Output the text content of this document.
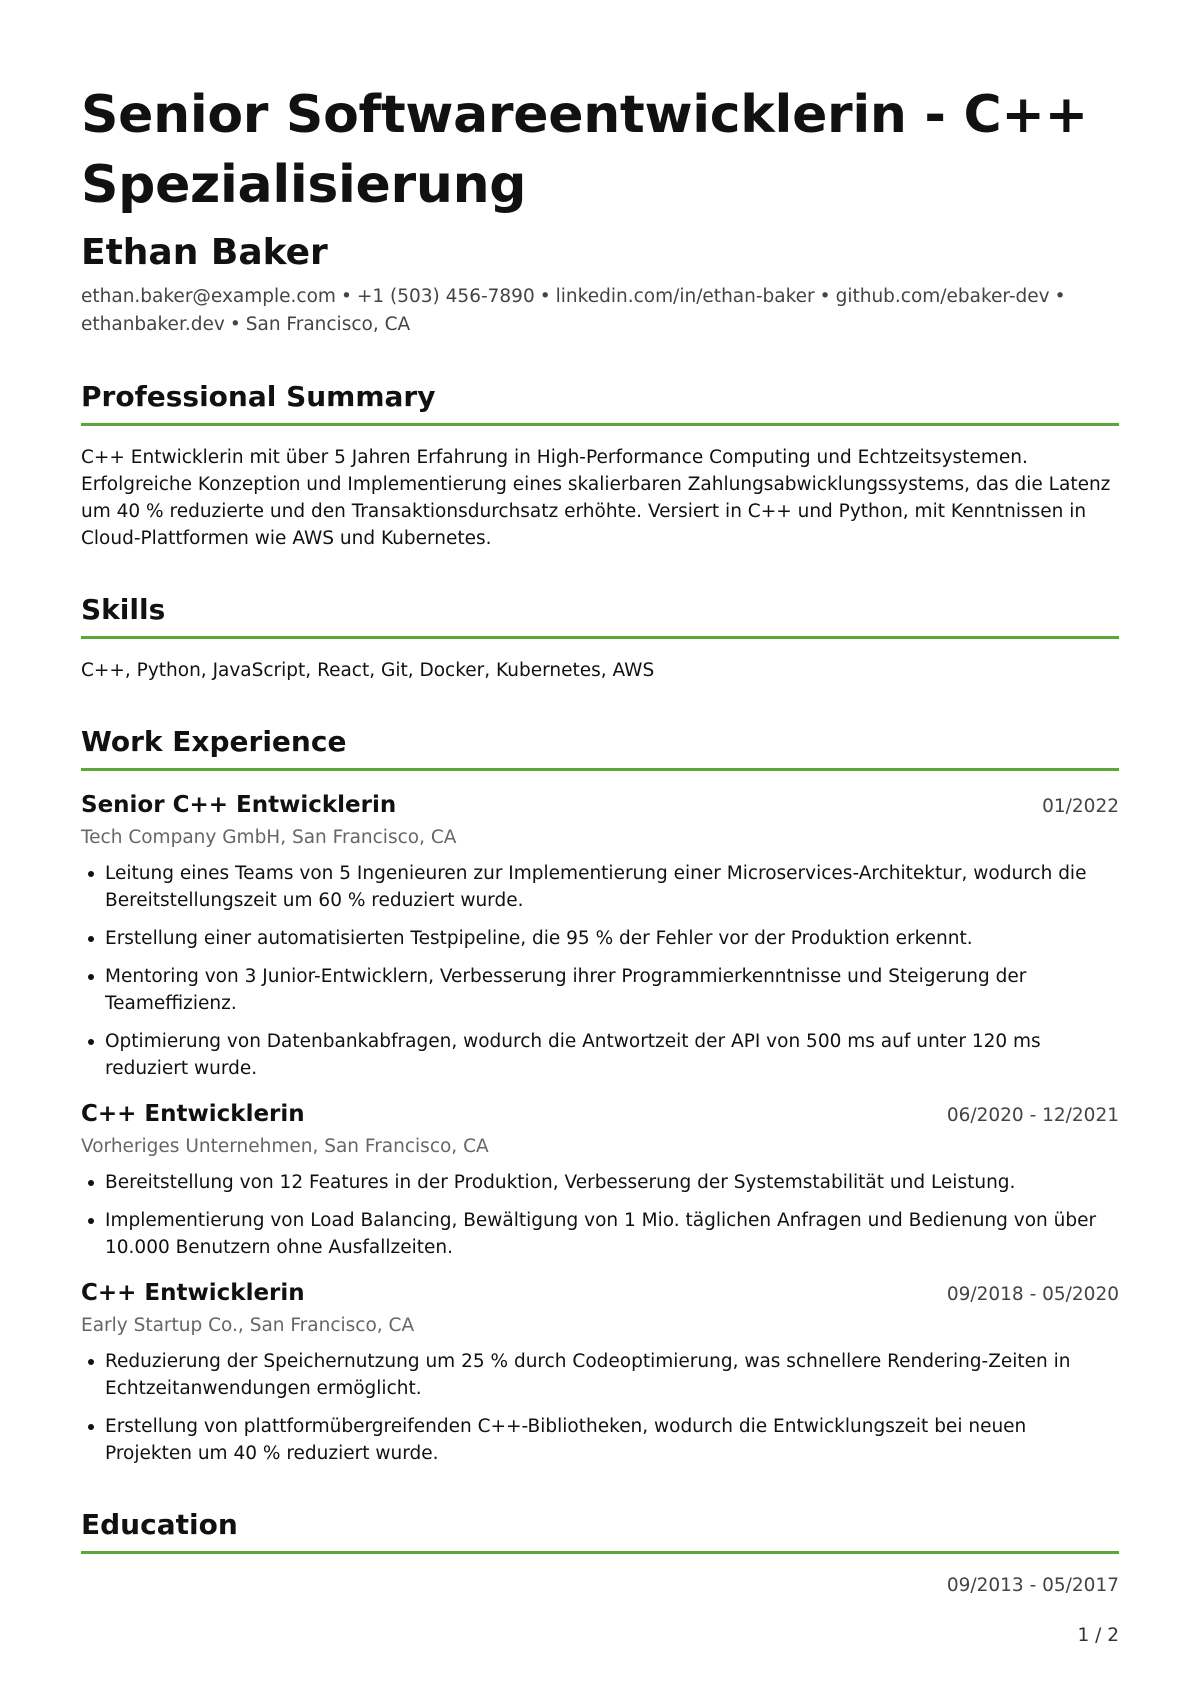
Senior Softwareentwicklerin - C++ Spezialisierung
Ethan Baker
ethan.baker@example.com • +1 (503) 456-7890 • linkedin.com/in/ethan-baker • github.com/ebaker-dev •
ethanbaker.dev • San Francisco, CA
Professional Summary

C++ Entwicklerin mit über 5 Jahren Erfahrung in High-Performance Computing und Echtzeitsystemen. Erfolgreiche Konzeption und Implementierung eines skalierbaren Zahlungsabwicklungssystems, das die Latenz um 40 % reduzierte und den Transaktionsdurchsatz erhöhte. Versiert in C++ und Python, mit Kenntnissen in Cloud-Plattformen wie AWS und Kubernetes.

Skills

C++, Python, JavaScript, React, Git, Docker, Kubernetes, AWS

Work Experience
Senior C++ Entwicklerin	01/2022
Tech Company GmbH, San Francisco, CA
Leitung eines Teams von 5 Ingenieuren zur Implementierung einer Microservices-Architektur, wodurch die Bereitstellungszeit um 60 % reduziert wurde.
Erstellung einer automatisierten Testpipeline, die 95 % der Fehler vor der Produktion erkennt.
Mentoring von 3 Junior-Entwicklern, Verbesserung ihrer Programmierkenntnisse und Steigerung der Teameffizienz.
Optimierung von Datenbankabfragen, wodurch die Antwortzeit der API von 500 ms auf unter 120 ms reduziert wurde.
C++ Entwicklerin	06/2020 - 12/2021
Vorheriges Unternehmen, San Francisco, CA
Bereitstellung von 12 Features in der Produktion, Verbesserung der Systemstabilität und Leistung.
Implementierung von Load Balancing, Bewältigung von 1 Mio. täglichen Anfragen und Bedienung von über 10.000 Benutzern ohne Ausfallzeiten.
C++ Entwicklerin	09/2018 - 05/2020
Early Startup Co., San Francisco, CA
Reduzierung der Speichernutzung um 25 % durch Codeoptimierung, was schnellere Rendering-Zeiten in Echtzeitanwendungen ermöglicht.
Erstellung von plattformübergreifenden C++-Bibliotheken, wodurch die Entwicklungszeit bei neuen Projekten um 40 % reduziert wurde.
Education
09/2013 - 05/2017
1 / 2
